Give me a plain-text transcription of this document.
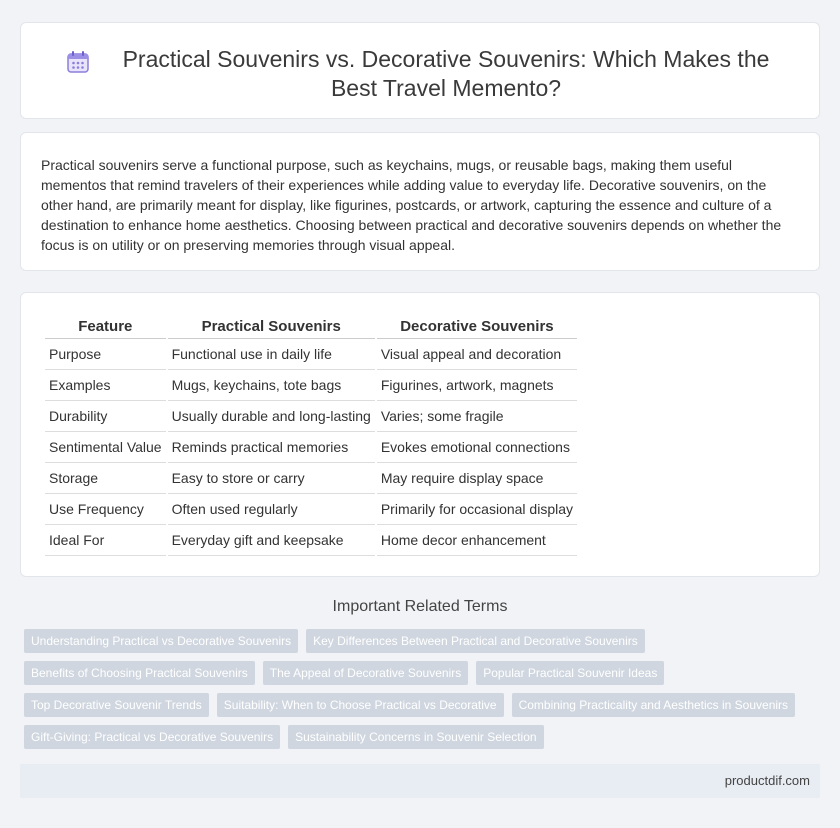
Practical Souvenirs vs. Decorative Souvenirs: Which Makes the Best Travel Memento?

Practical souvenirs serve a functional purpose, such as keychains, mugs, or reusable bags, making them useful mementos that remind travelers of their experiences while adding value to everyday life. Decorative souvenirs, on the other hand, are primarily meant for display, like figurines, postcards, or artwork, capturing the essence and culture of a destination to enhance home aesthetics. Choosing between practical and decorative souvenirs depends on whether the focus is on utility or on preserving memories through visual appeal.

Feature	Practical Souvenirs	Decorative Souvenirs
Purpose	Functional use in daily life	Visual appeal and decoration
Examples	Mugs, keychains, tote bags	Figurines, artwork, magnets
Durability	Usually durable and long-lasting	Varies; some fragile
Sentimental Value	Reminds practical memories	Evokes emotional connections
Storage	Easy to store or carry	May require display space
Use Frequency	Often used regularly	Primarily for occasional display
Ideal For	Everyday gift and keepsake	Home decor enhancement
Important Related Terms
Understanding Practical vs Decorative Souvenirs	Key Differences Between Practical and Decorative Souvenirs
Benefits of Choosing Practical Souvenirs	The Appeal of Decorative Souvenirs	Popular Practical Souvenir Ideas
Top Decorative Souvenir Trends	Suitability: When to Choose Practical vs Decorative	Combining Practicality and Aesthetics in Souvenirs
Gift-Giving: Practical vs Decorative Souvenirs	Sustainability Concerns in Souvenir Selection
productdif.com
